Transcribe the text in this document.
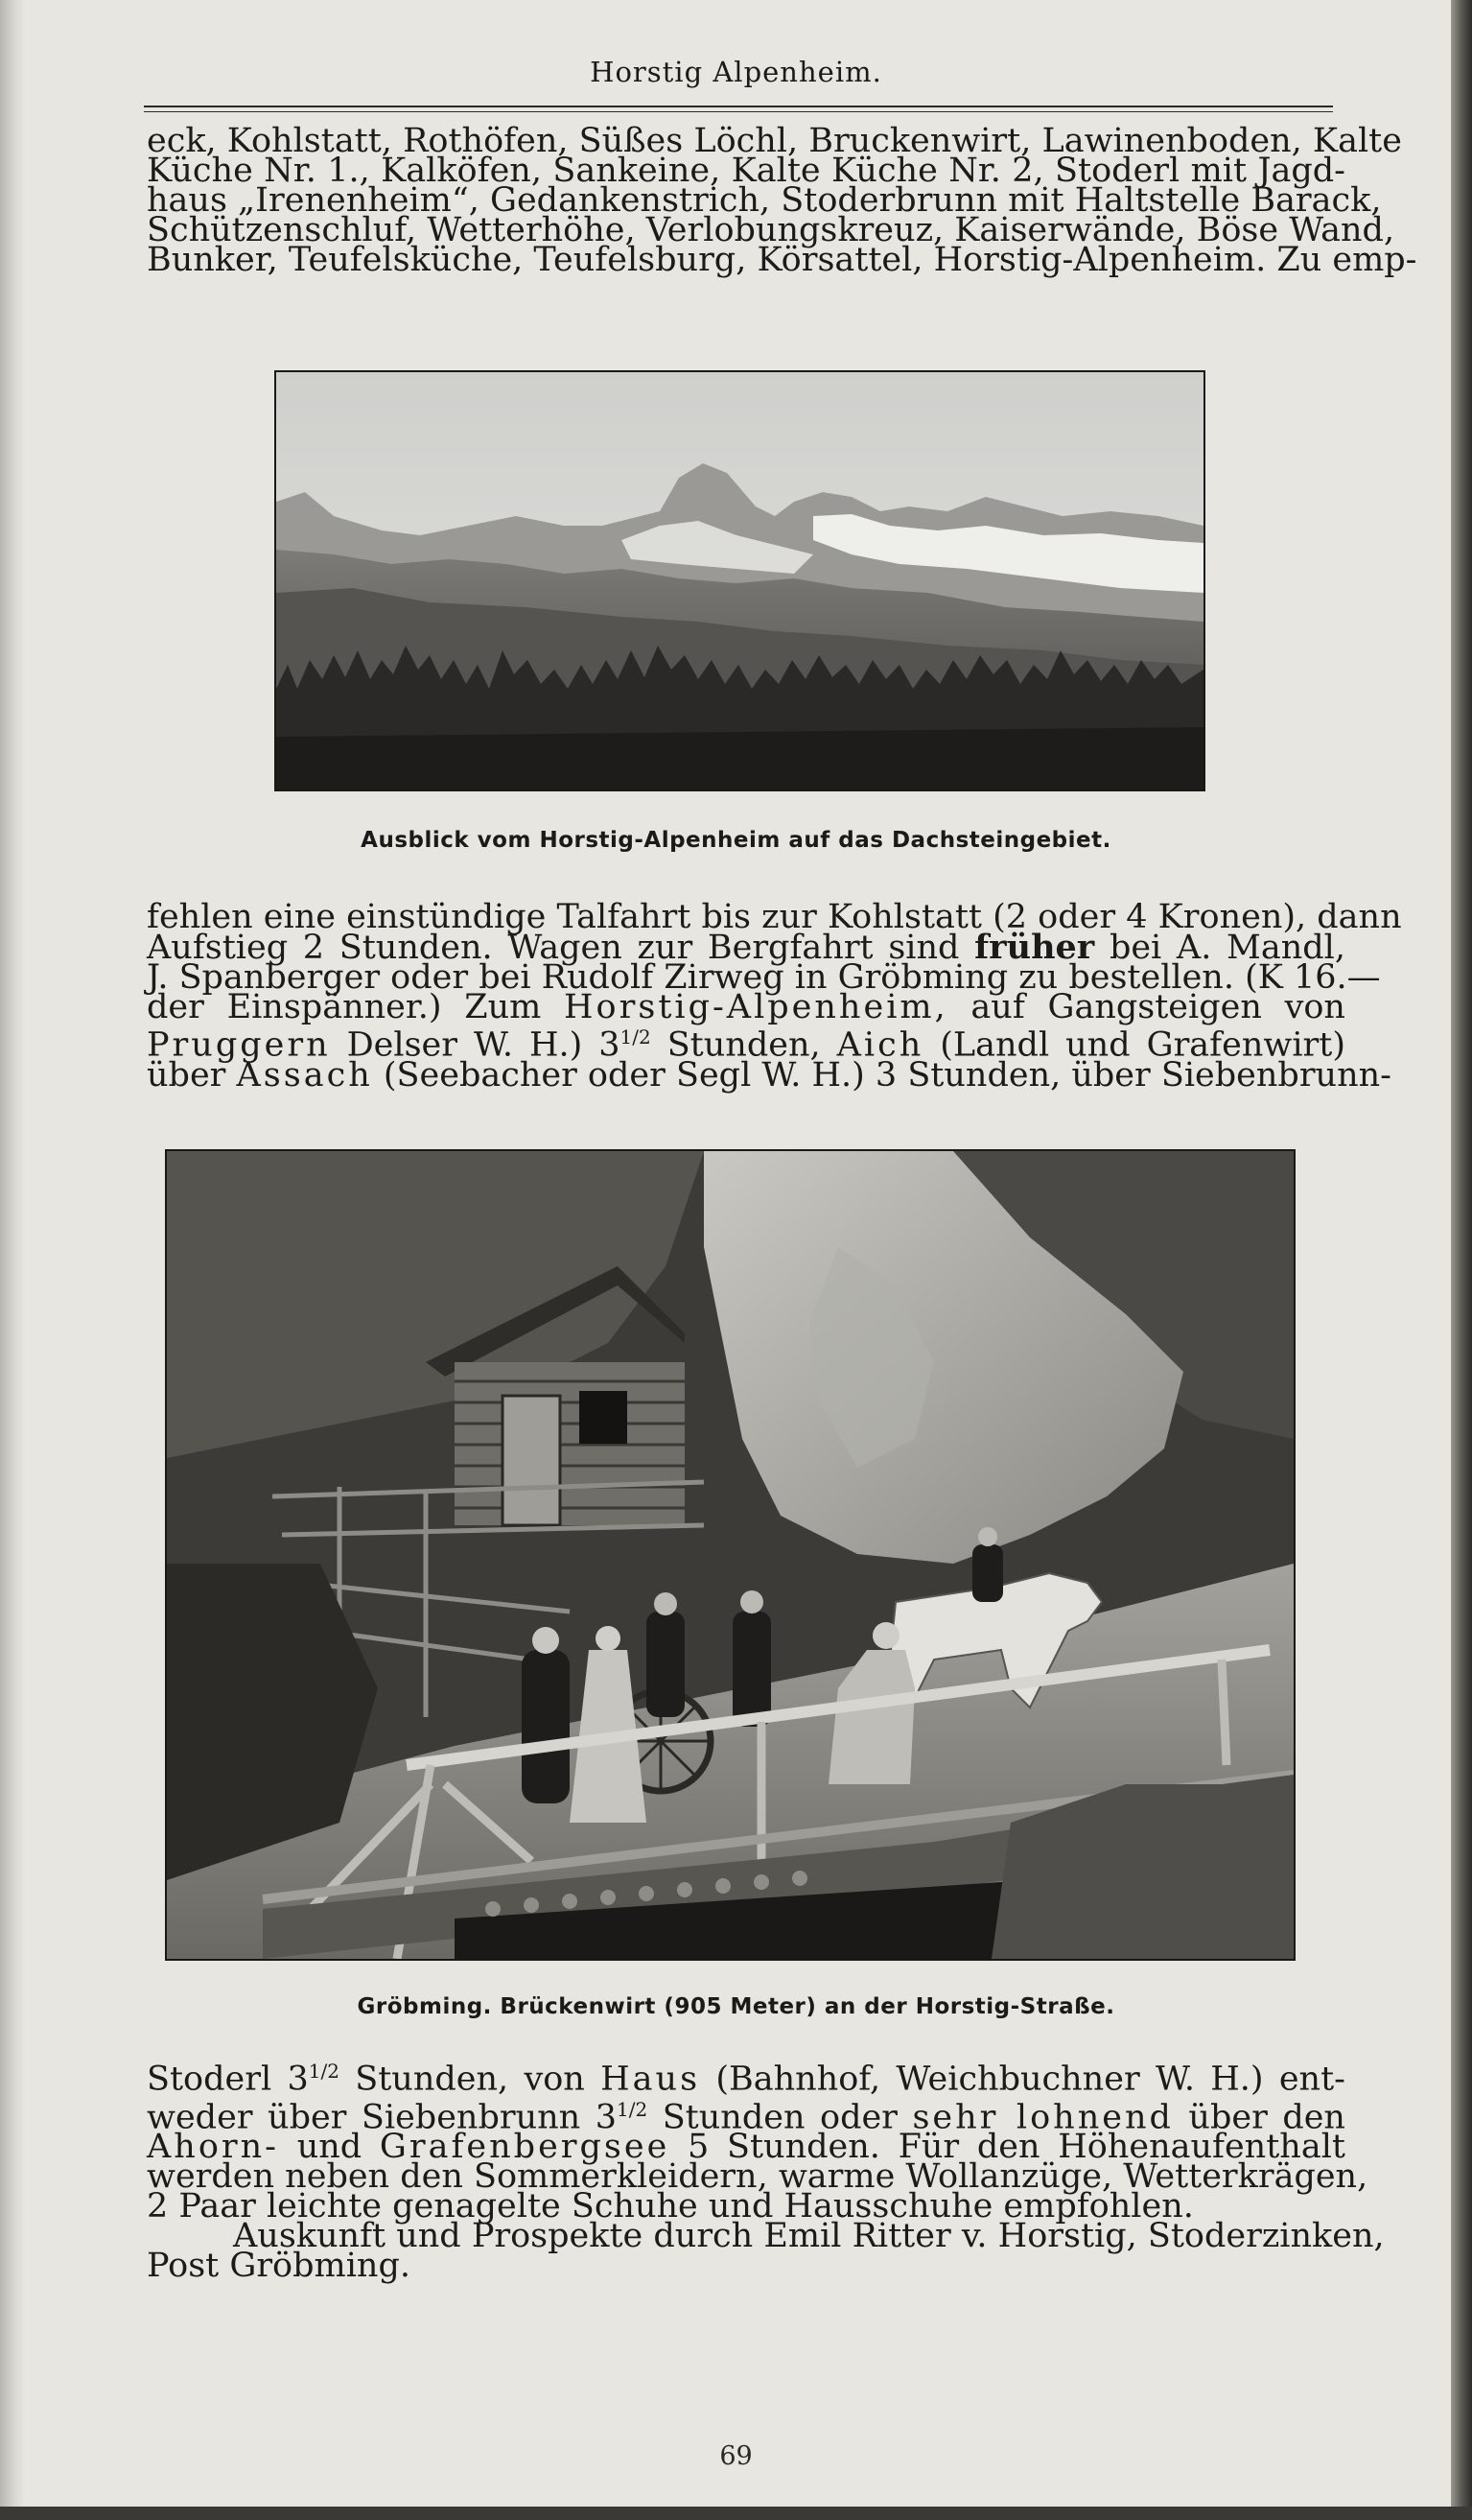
Horstig Alpenheim.
eck, Kohlstatt, Rothöfen, Süßes Löchl, Bruckenwirt, Lawinenboden, Kalte
Küche Nr. 1., Kalköfen, Sankeine, Kalte Küche Nr. 2, Stoderl mit Jagd-
haus „Irenenheim“, Gedankenstrich, Stoderbrunn mit Haltstelle Barack,
Schützenschluf, Wetterhöhe, Verlobungskreuz, Kaiserwände, Böse Wand,
Bunker, Teufelsküche, Teufelsburg, Körsattel, Horstig-Alpenheim. Zu emp-
Ausblick vom Horstig-Alpenheim auf das Dachsteingebiet.
fehlen eine einstündige Talfahrt bis zur Kohlstatt (2 oder 4 Kronen), dann
Aufstieg 2 Stunden. Wagen zur Bergfahrt sind früher bei A. Mandl,
J. Spanberger oder bei Rudolf Zirweg in Gröbming zu bestellen. (K 16.—
der Einspänner.) Zum Horstig-Alpenheim, auf Gangsteigen von
Pruggern Delser W. H.) $3^{1/2}$ Stunden, Aich (Landl und Grafenwirt)
über Assach (Seebacher oder Segl W. H.) 3 Stunden, über Siebenbrunn-
Gröbming. Brückenwirt (905 Meter) an der Horstig-Straße.
Stoderl $3^{1/2}$ Stunden, von Haus (Bahnhof, Weichbuchner W. H.) ent-
weder über Siebenbrunn $3^{1/2}$ Stunden oder sehr lohnend über den
Ahorn- und Grafenbergsee 5 Stunden. Für den Höhenaufenthalt
werden neben den Sommerkleidern, warme Wollanzüge, Wetterkrägen,
2 Paar leichte genagelte Schuhe und Hausschuhe empfohlen.
Auskunft und Prospekte durch Emil Ritter v. Horstig, Stoderzinken,
Post Gröbming.
69
